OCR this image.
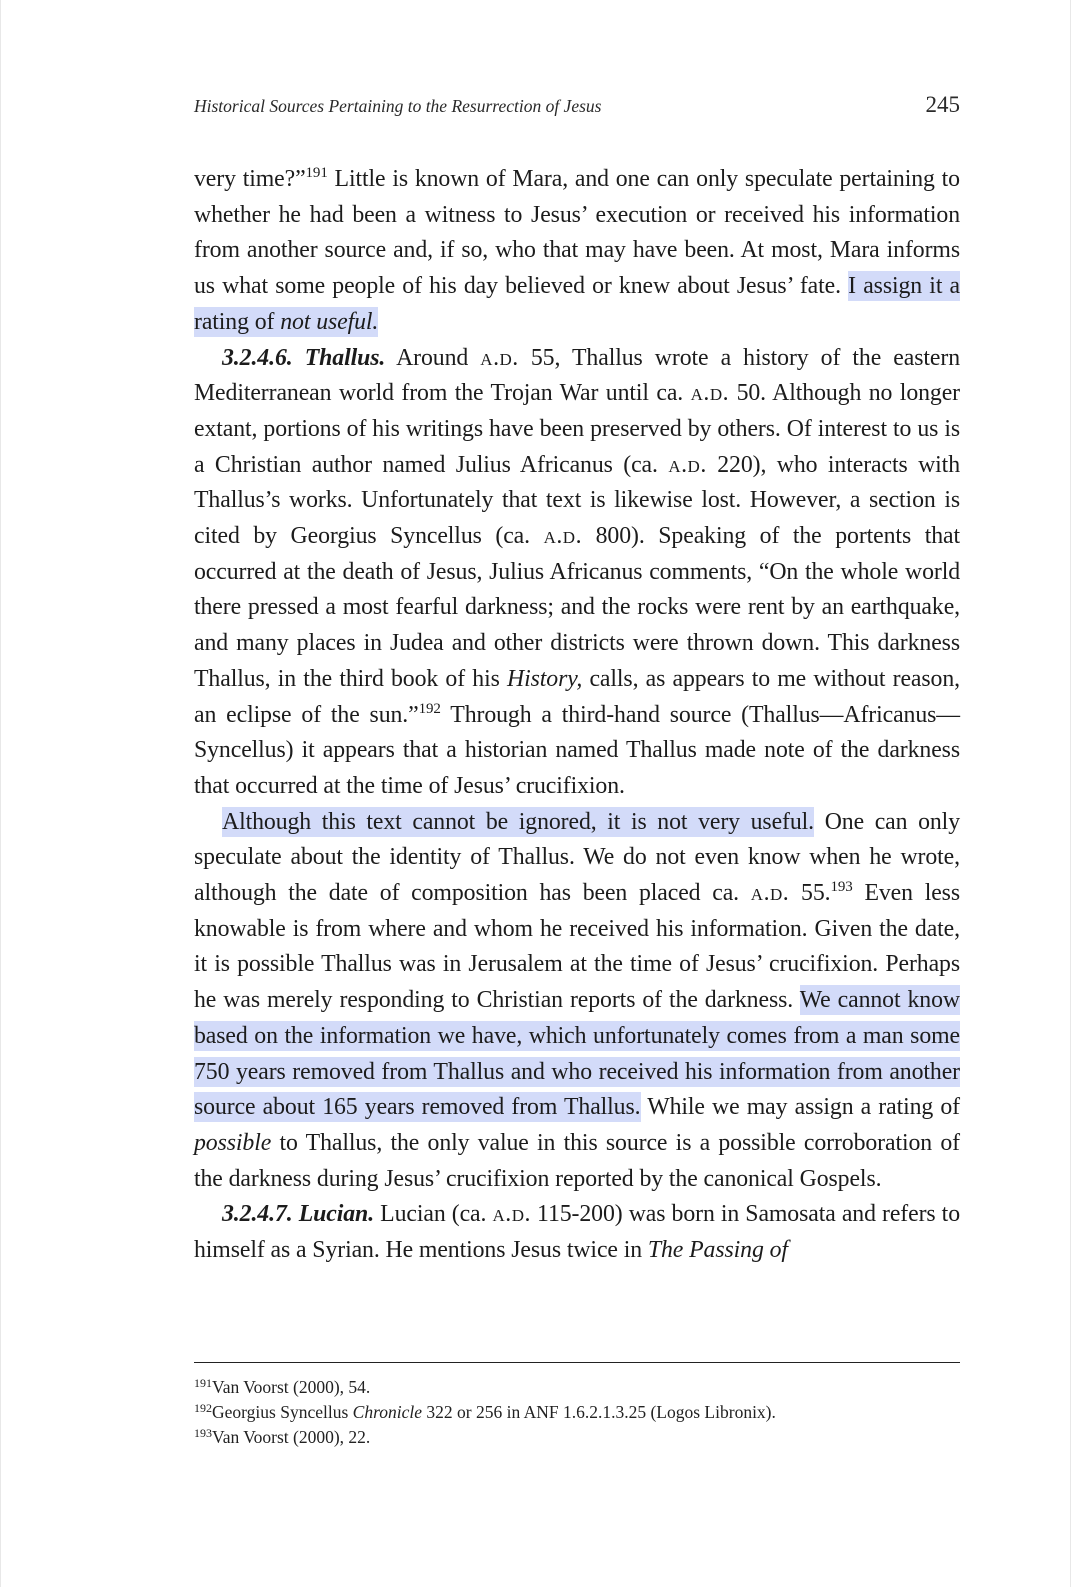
Historical Sources Pertaining to the Resurrection of Jesus	245

very time?”$^{191}$ Little is known of Mara, and one can only speculate pertaining to whether he had been a witness to Jesus’ execution or received his information from another source and, if so, who that may have been. At most, Mara informs us what some people of his day believed or knew about Jesus’ fate. I assign it a rating of not useful.

3.2.4.6. Thallus. Around a.d. 55, Thallus wrote a history of the eastern Mediterranean world from the Trojan War until ca. a.d. 50. Although no longer extant, portions of his writings have been preserved by others. Of interest to us is a Christian author named Julius Africanus (ca. a.d. 220), who interacts with Thallus’s works. Unfortunately that text is likewise lost. However, a section is cited by Georgius Syncellus (ca. a.d. 800). Speaking of the portents that occurred at the death of Jesus, Julius Africanus comments, “On the whole world there pressed a most fearful darkness; and the rocks were rent by an earthquake, and many places in Judea and other districts were thrown down. This darkness Thallus, in the third book of his History, calls, as appears to me without reason, an eclipse of the sun.”$^{192}$ Through a third-hand source (Thallus—Africanus—Syncellus) it appears that a historian named Thallus made note of the darkness that occurred at the time of Jesus’ crucifixion.

Although this text cannot be ignored, it is not very useful. One can only speculate about the identity of Thallus. We do not even know when he wrote, although the date of composition has been placed ca. a.d. 55.$^{193}$ Even less knowable is from where and whom he received his information. Given the date, it is possible Thallus was in Jerusalem at the time of Jesus’ crucifixion. Perhaps he was merely responding to Christian reports of the darkness. We cannot know based on the information we have, which unfortunately comes from a man some 750 years removed from Thallus and who received his information from another source about 165 years removed from Thallus. While we may assign a rating of possible to Thallus, the only value in this source is a possible corroboration of the darkness during Jesus’ crucifixion reported by the canonical Gospels.

3.2.4.7. Lucian. Lucian (ca. a.d. 115-200) was born in Samosata and refers to himself as a Syrian. He mentions Jesus twice in The Passing of

$^{191}$Van Voorst (2000), 54.
$^{192}$Georgius Syncellus Chronicle 322 or 256 in ANF 1.6.2.1.3.25 (Logos Libronix).
$^{193}$Van Voorst (2000), 22.
